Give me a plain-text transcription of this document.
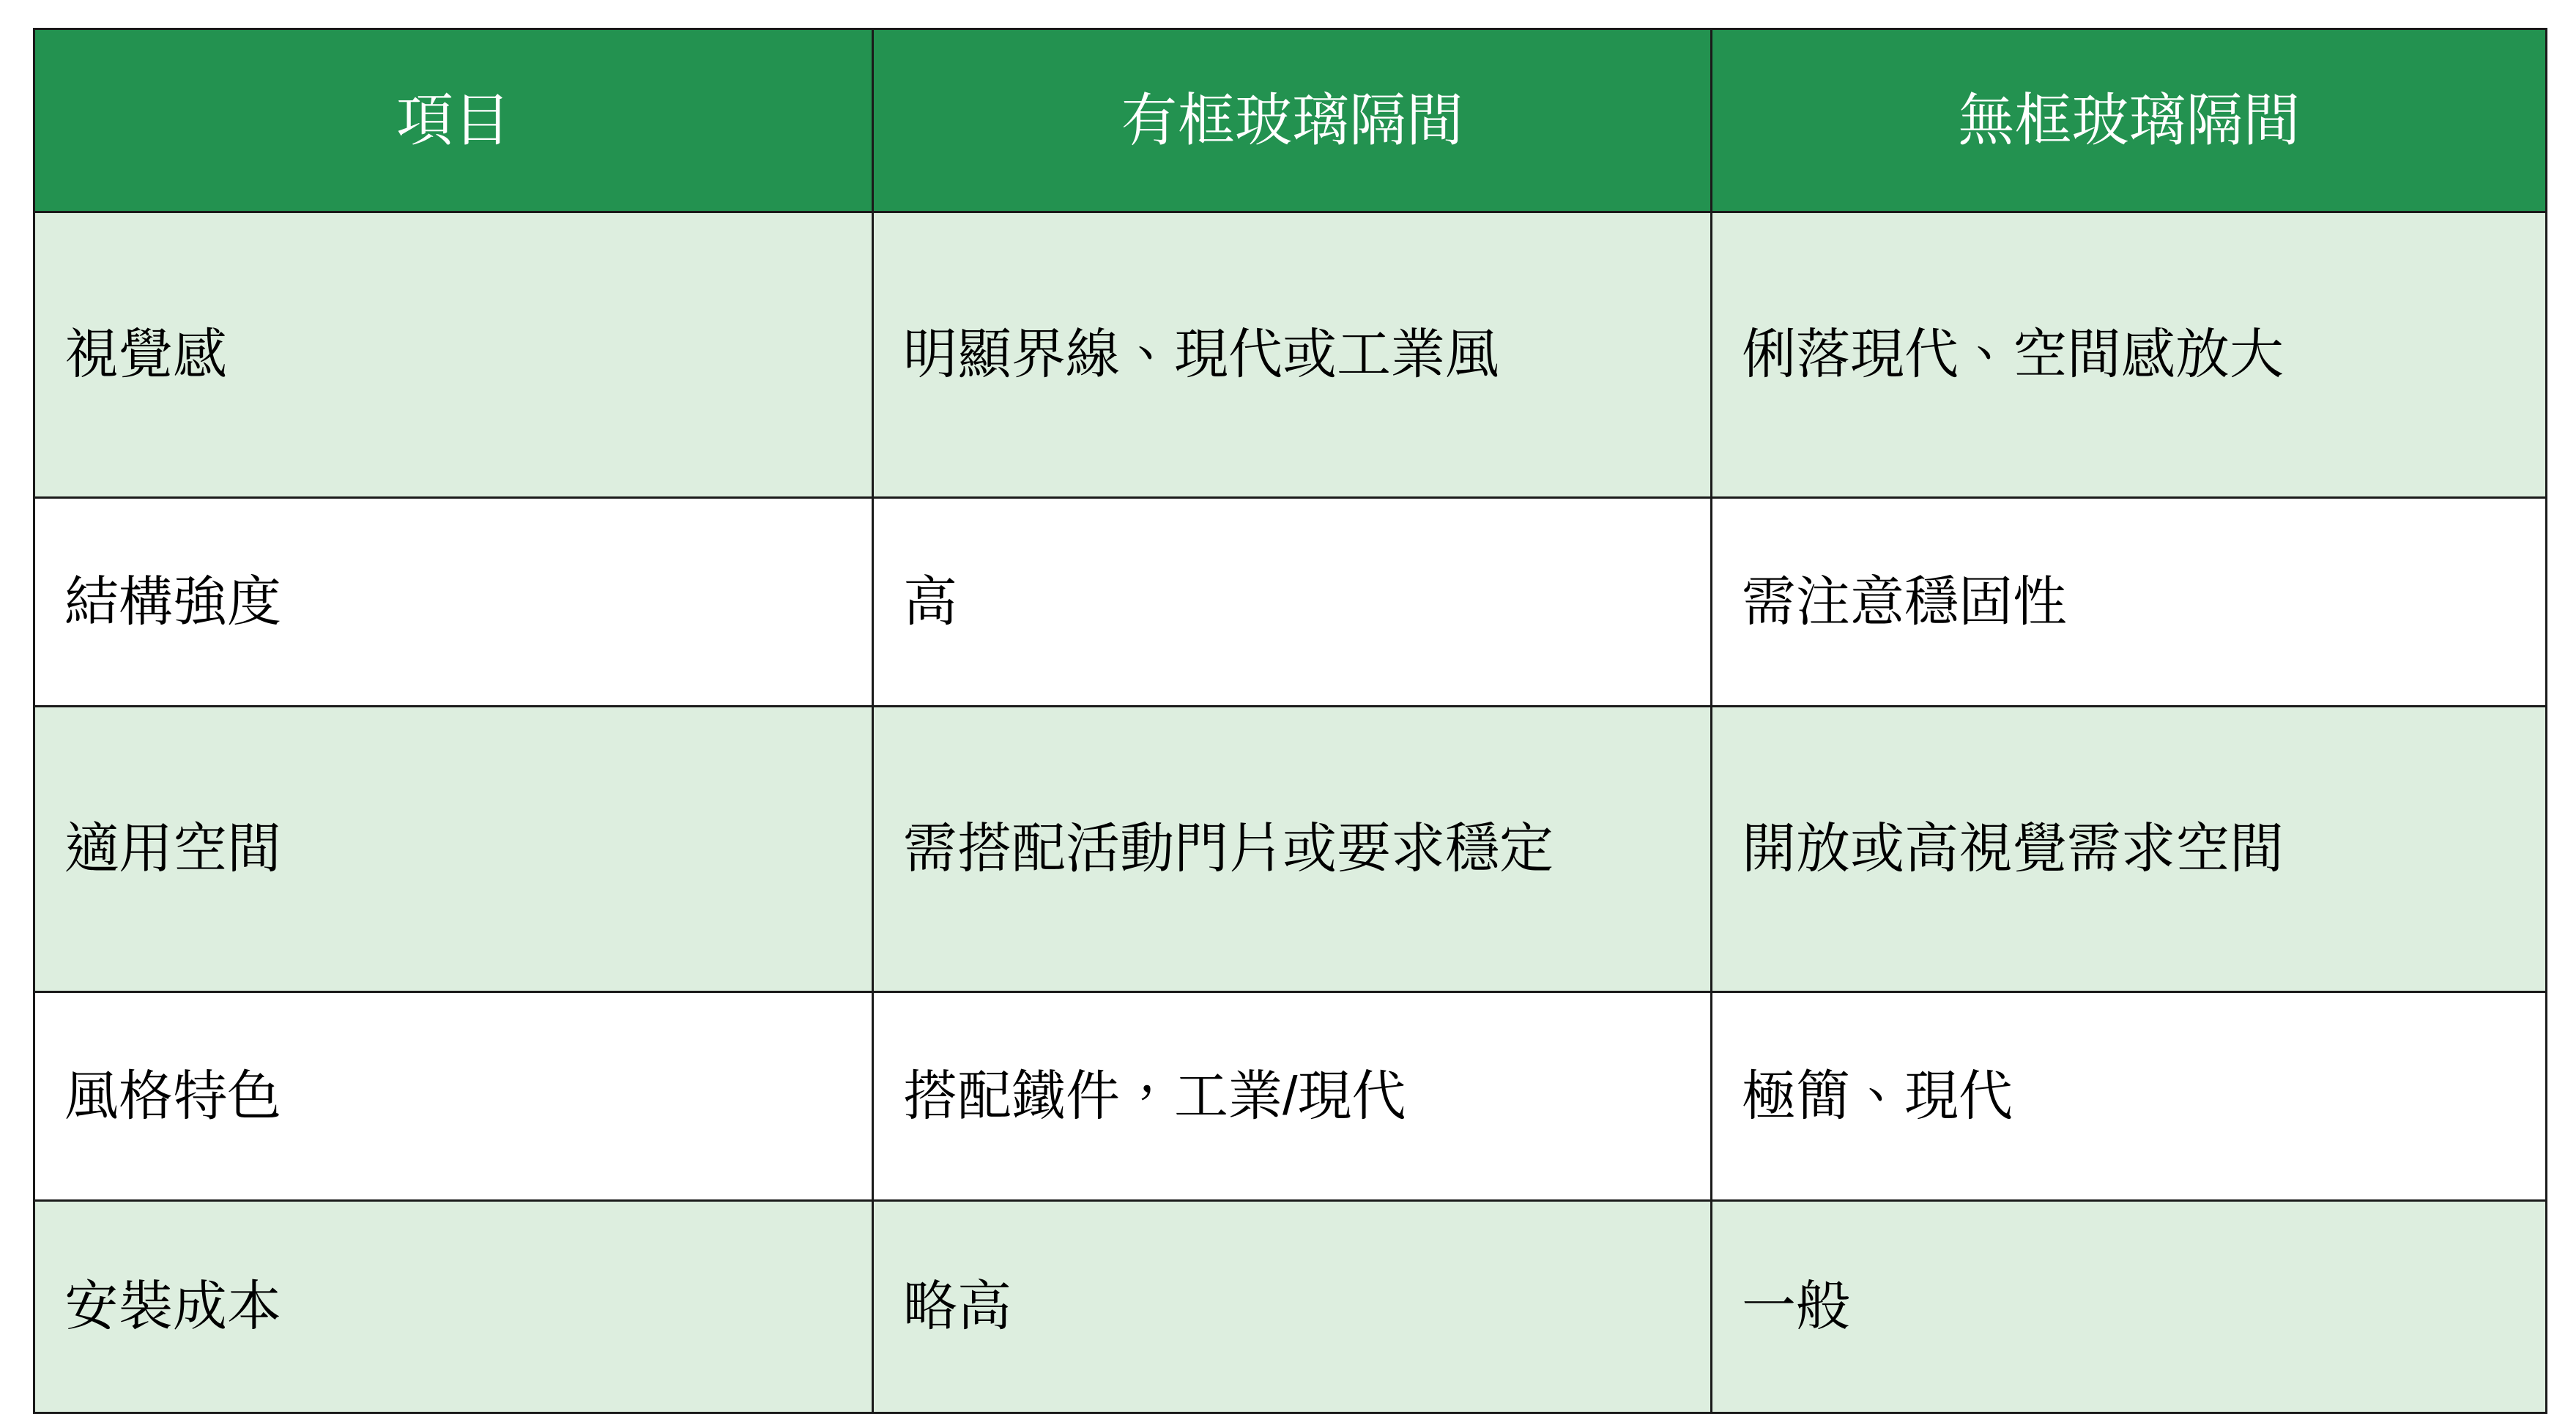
項目	有框玻璃隔間	無框玻璃隔間
視覺感	明顯界線、現代或工業風	俐落現代、空間感放大
結構強度	高	需注意穩固性
適用空間	需搭配活動門片或要求穩定	開放或高視覺需求空間
風格特色	搭配鐵件，工業/現代	極簡、現代
安裝成本	略高	一般
